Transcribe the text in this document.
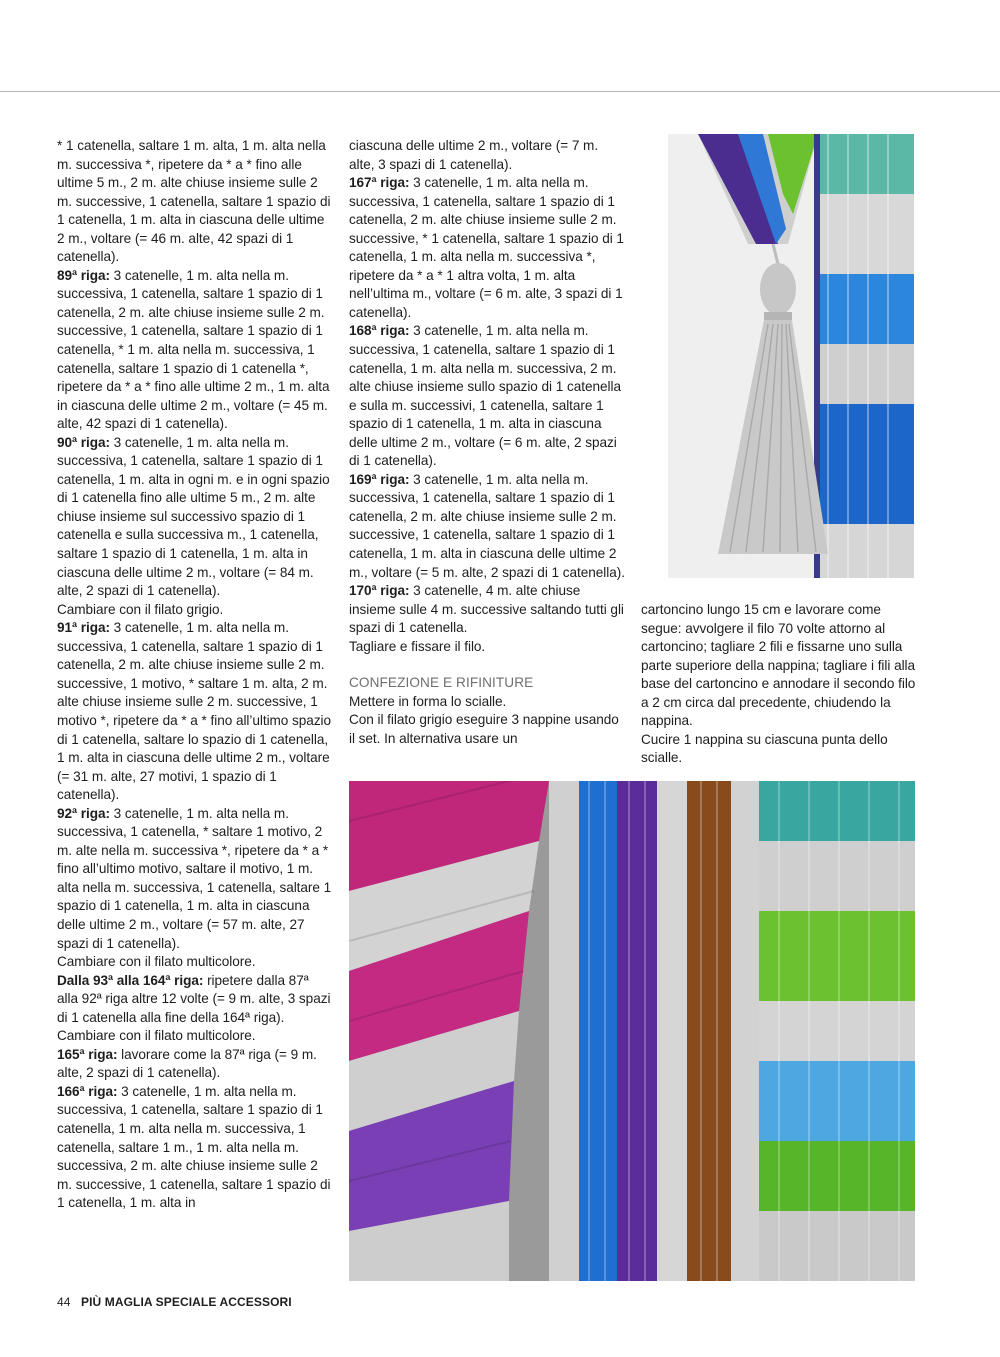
* 1 catenella, saltare 1 m. alta, 1 m. alta nella m. successiva *, ripetere da * a * fino alle ultime 5 m., 2 m. alte chiuse insieme sulle 2 m. successive, 1 catenella, saltare 1 spazio di 1 catenella, 1 m. alta in ciascuna delle ultime 2 m., voltare (= 46 m. alte, 42 spazi di 1 catenella).

89ª riga: 3 catenelle, 1 m. alta nella m. successiva, 1 catenella, saltare 1 spazio di 1 catenella, 2 m. alte chiuse insieme sulle 2 m. successive, 1 catenella, saltare 1 spazio di 1 catenella, * 1 m. alta nella m. successiva, 1 catenella, saltare 1 spazio di 1 catenella *, ripetere da * a * fino alle ultime 2 m., 1 m. alta in ciascuna delle ultime 2 m., voltare (= 45 m. alte, 42 spazi di 1 catenella).

90ª riga: 3 catenelle, 1 m. alta nella m. successiva, 1 catenella, saltare 1 spazio di 1 catenella, 1 m. alta in ogni m. e in ogni spazio di 1 catenella fino alle ultime 5 m., 2 m. alte chiuse insieme sul successivo spazio di 1 catenella e sulla successiva m., 1 catenella, saltare 1 spazio di 1 catenella, 1 m. alta in ciascuna delle ultime 2 m., voltare (= 84 m. alte, 2 spazi di 1 catenella).

Cambiare con il filato grigio.

91ª riga: 3 catenelle, 1 m. alta nella m. successiva, 1 catenella, saltare 1 spazio di 1 catenella, 2 m. alte chiuse insieme sulle 2 m. successive, 1 motivo, * saltare 1 m. alta, 2 m. alte chiuse insieme sulle 2 m. successive, 1 motivo *, ripetere da * a * fino all’ultimo spazio di 1 catenella, saltare lo spazio di 1 catenella, 1 m. alta in ciascuna delle ultime 2 m., voltare (= 31 m. alte, 27 motivi, 1 spazio di 1 catenella).

92ª riga: 3 catenelle, 1 m. alta nella m. successiva, 1 catenella, * saltare 1 motivo, 2 m. alte nella m. successiva *, ripetere da * a * fino all’ultimo motivo, saltare il motivo, 1 m. alta nella m. successiva, 1 catenella, saltare 1 spazio di 1 catenella, 1 m. alta in ciascuna delle ultime 2 m., voltare (= 57 m. alte, 27 spazi di 1 catenella).

Cambiare con il filato multicolore.

Dalla 93ª alla 164ª riga: ripetere dalla 87ª alla 92ª riga altre 12 volte (= 9 m. alte, 3 spazi di 1 catenella alla fine della 164ª riga).

Cambiare con il filato multicolore.

165ª riga: lavorare come la 87ª riga (= 9 m. alte, 2 spazi di 1 catenella).

166ª riga: 3 catenelle, 1 m. alta nella m. successiva, 1 catenella, saltare 1 spazio di 1 catenella, 1 m. alta nella m. successiva, 1 catenella, saltare 1 m., 1 m. alta nella m. successiva, 2 m. alte chiuse insieme sulle 2 m. successive, 1 catenella, saltare 1 spazio di 1 catenella, 1 m. alta in

ciascuna delle ultime 2 m., voltare (= 7 m. alte, 3 spazi di 1 catenella).

167ª riga: 3 catenelle, 1 m. alta nella m. successiva, 1 catenella, saltare 1 spazio di 1 catenella, 2 m. alte chiuse insieme sulle 2 m. successive, * 1 catenella, saltare 1 spazio di 1 catenella, 1 m. alta nella m. successiva *, ripetere da * a * 1 altra volta, 1 m. alta nell’ultima m., voltare (= 6 m. alte, 3 spazi di 1 catenella).

168ª riga: 3 catenelle, 1 m. alta nella m. successiva, 1 catenella, saltare 1 spazio di 1 catenella, 1 m. alta nella m. successiva, 2 m. alte chiuse insieme sullo spazio di 1 catenella e sulla m. successivi, 1 catenella, saltare 1 spazio di 1 catenella, 1 m. alta in ciascuna delle ultime 2 m., voltare (= 6 m. alte, 2 spazi di 1 catenella).

169ª riga: 3 catenelle, 1 m. alta nella m. successiva, 1 catenella, saltare 1 spazio di 1 catenella, 2 m. alte chiuse insieme sulle 2 m. successive, 1 catenella, saltare 1 spazio di 1 catenella, 1 m. alta in ciascuna delle ultime 2 m., voltare (= 5 m. alte, 2 spazi di 1 catenella).

170ª riga: 3 catenelle, 4 m. alte chiuse insieme sulle 4 m. successive saltando tutti gli spazi di 1 catenella.

Tagliare e fissare il filo.

CONFEZIONE E RIFINITURE

Mettere in forma lo scialle.

Con il filato grigio eseguire 3 nappine usando il set. In alternativa usare un

cartoncino lungo 15 cm e lavorare come segue: avvolgere il filo 70 volte attorno al cartoncino; tagliare 2 fili e fissarne uno sulla parte superiore della nappina; tagliare i fili alla base del cartoncino e annodare il secondo filo a 2 cm circa dal precedente, chiudendo la nappina.

Cucire 1 nappina su ciascuna punta dello scialle.

44 PIÙ MAGLIA SPECIALE ACCESSORI
